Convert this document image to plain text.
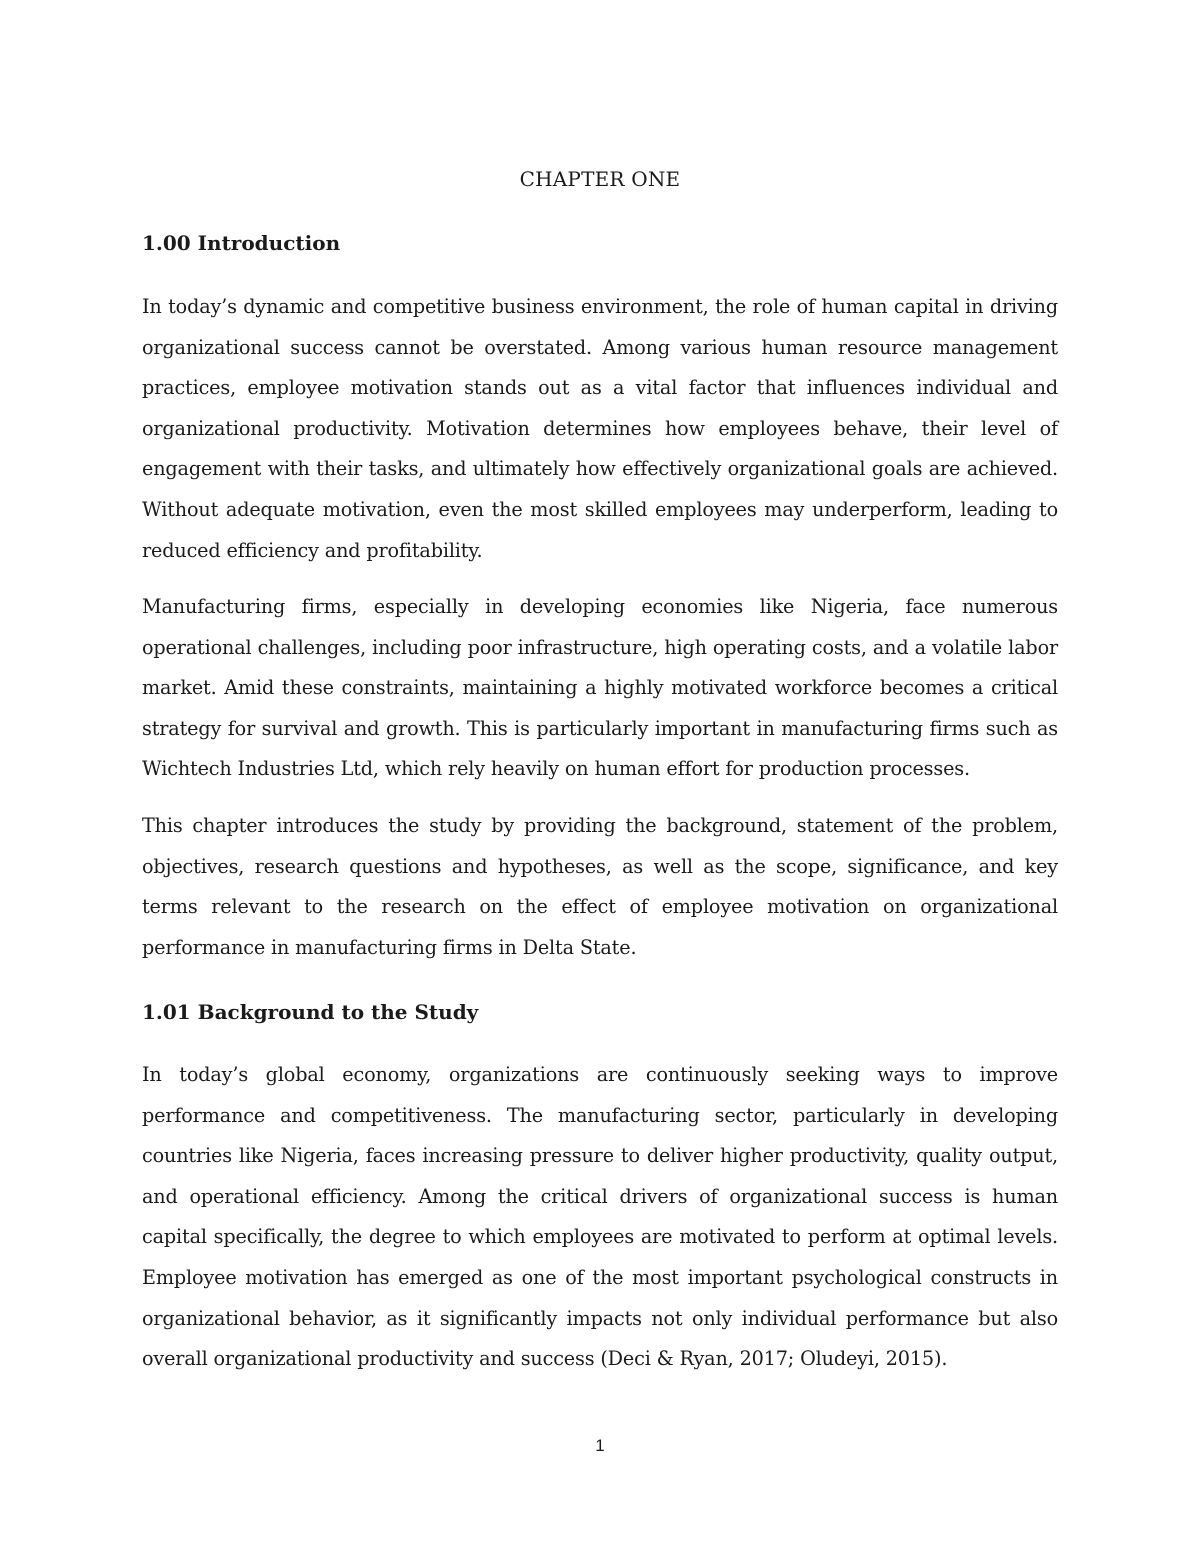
CHAPTER ONE
1.00 Introduction

In today’s dynamic and competitive business environment, the role of human capital in driving organizational success cannot be overstated. Among various human resource management practices, employee motivation stands out as a vital factor that influences individual and organizational productivity. Motivation determines how employees behave, their level of engagement with their tasks, and ultimately how effectively organizational goals are achieved. Without adequate motivation, even the most skilled employees may underperform, leading to reduced efficiency and profitability.

Manufacturing firms, especially in developing economies like Nigeria, face numerous operational challenges, including poor infrastructure, high operating costs, and a volatile labor market. Amid these constraints, maintaining a highly motivated workforce becomes a critical strategy for survival and growth. This is particularly important in manufacturing firms such as Wichtech Industries Ltd, which rely heavily on human effort for production processes.

This chapter introduces the study by providing the background, statement of the problem, objectives, research questions and hypotheses, as well as the scope, significance, and key terms relevant to the research on the effect of employee motivation on organizational performance in manufacturing firms in Delta State.

1.01 Background to the Study

In today’s global economy, organizations are continuously seeking ways to improve performance and competitiveness. The manufacturing sector, particularly in developing countries like Nigeria, faces increasing pressure to deliver higher productivity, quality output, and operational efficiency. Among the critical drivers of organizational success is human capital specifically, the degree to which employees are motivated to perform at optimal levels. Employee motivation has emerged as one of the most important psychological constructs in organizational behavior, as it significantly impacts not only individual performance but also overall organizational productivity and success (Deci & Ryan, 2017; Oludeyi, 2015).

1
